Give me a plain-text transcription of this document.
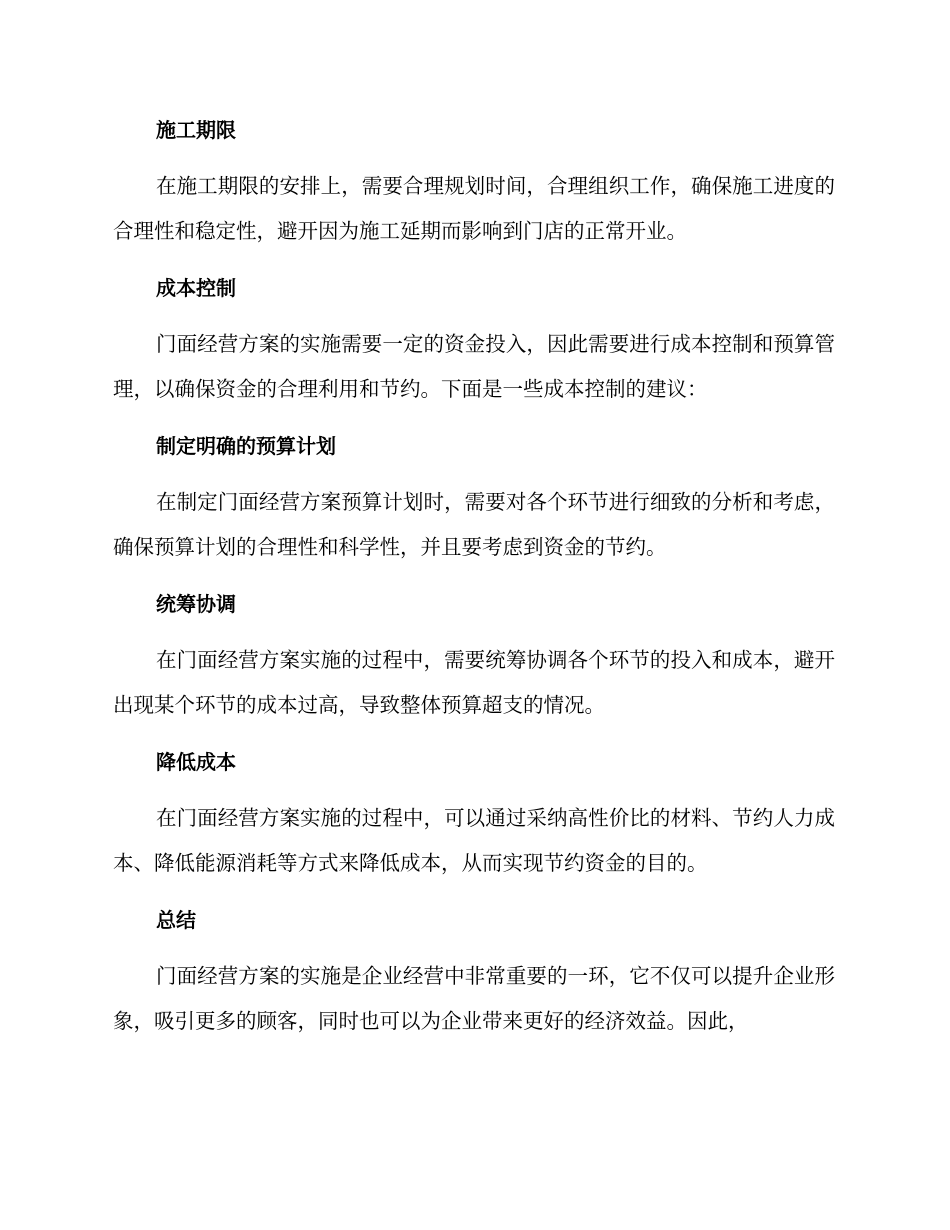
施工期限

在施工期限的安排上，需要合理规划时间，合理组织工作，确保施工进度的合理性和稳定性，避开因为施工延期而影响到门店的正常开业。

成本控制

门面经营方案的实施需要一定的资金投入，因此需要进行成本控制和预算管理，以确保资金的合理利用和节约。下面是一些成本控制的建议：

制定明确的预算计划

在制定门面经营方案预算计划时，需要对各个环节进行细致的分析和考虑，确保预算计划的合理性和科学性，并且要考虑到资金的节约。

统筹协调

在门面经营方案实施的过程中，需要统筹协调各个环节的投入和成本，避开出现某个环节的成本过高，导致整体预算超支的情况。

降低成本

在门面经营方案实施的过程中，可以通过采纳高性价比的材料、节约人力成本、降低能源消耗等方式来降低成本，从而实现节约资金的目的。

总结

门面经营方案的实施是企业经营中非常重要的一环，它不仅可以提升企业形象，吸引更多的顾客，同时也可以为企业带来更好的经济效益。因此，
